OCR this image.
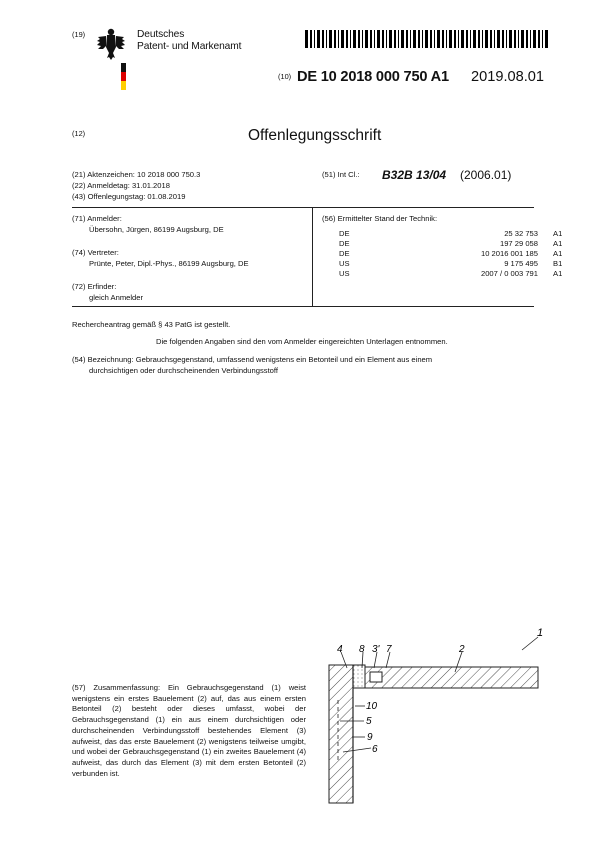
(19)	Deutsches
Patent- und Markenamt
(10) DE 10 2018 000 750 A1 2019.08.01
(12)	Offenlegungsschrift
(21) Aktenzeichen: 10 2018 000 750.3
(22) Anmeldetag: 31.01.2018
(43) Offenlegungstag: 01.08.2019
(51) Int Cl.: B32B 13/04 (2006.01)
(71) Anmelder:
Übersohn, Jürgen, 86199 Augsburg, DE
(74) Vertreter:
Prünte, Peter, Dipl.-Phys., 86199 Augsburg, DE
(72) Erfinder:
gleich Anmelder
(56) Ermittelter Stand der Technik:
DE	25 32 753	A1
DE	197 29 058	A1
DE	10 2016 001 185	A1
US	9 175 495	B1
US	2007 / 0 003 791	A1
Rechercheantrag gemäß § 43 PatG ist gestellt.
Die folgenden Angaben sind den vom Anmelder eingereichten Unterlagen entnommen.
(54) Bezeichnung: Gebrauchsgegenstand, umfassend wenigstens ein Betonteil und ein Element aus einem
durchsichtigen oder durchscheinenden Verbindungsstoff
(57) Zusammenfassung: Ein Gebrauchsgegenstand (1) weist wenigstens ein erstes Bauelement (2) auf, das aus einem ersten Betonteil (2) besteht oder dieses umfasst, wobei der Gebrauchsgegenstand (1) ein aus einem durchsichtigen oder durchscheinenden Verbindungsstoff bestehendes Element (3) aufweist, das das erste Bauelement (2) wenigstens teilweise umgibt, und wobei der Gebrauchsgegenstand (1) ein zweites Bauelement (4) aufweist, das durch das Element (3) mit dem ersten Betonteil (2) verbunden ist.
1
2
4 8 3' 7
10
5
9
6
